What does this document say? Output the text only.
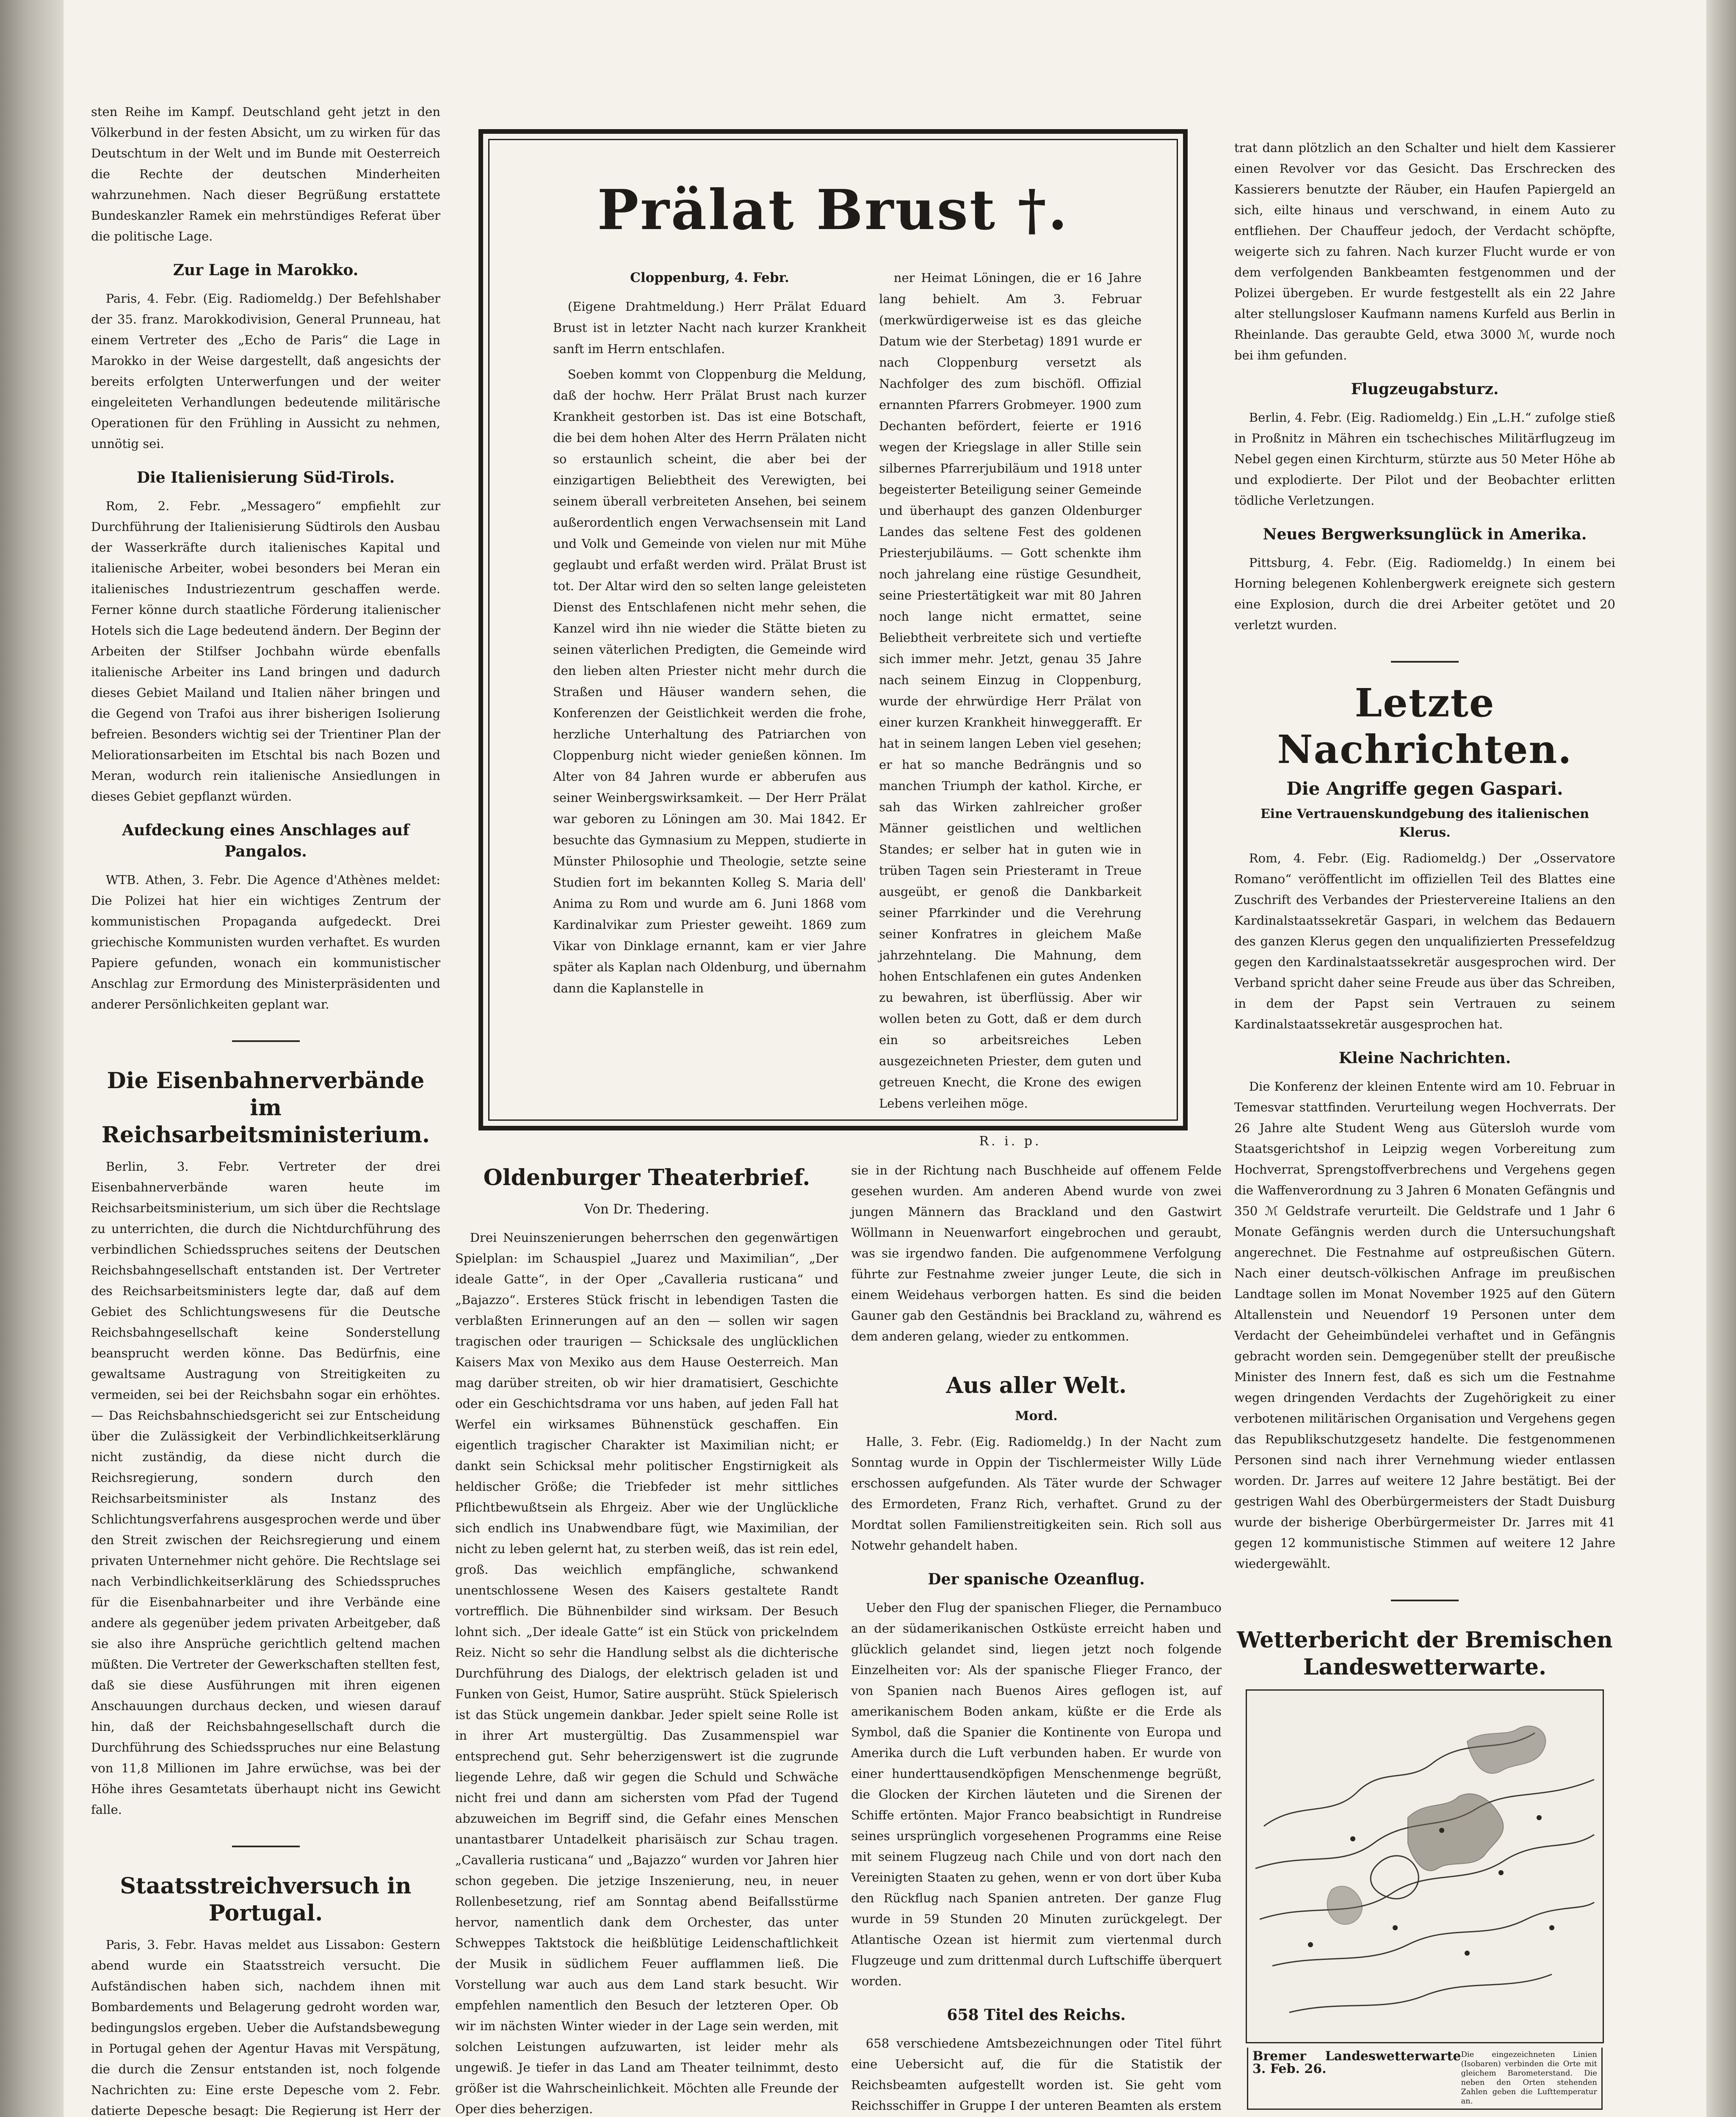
sten Reihe im Kampf. Deutschland geht jetzt in den Völkerbund in der festen Absicht, um zu wirken für das Deutschtum in der Welt und im Bunde mit Oesterreich die Rechte der deutschen Minderheiten wahrzunehmen. Nach dieser Begrüßung erstattete Bundeskanzler Ramek ein mehrstündiges Referat über die politische Lage.

Zur Lage in Marokko.

Paris, 4. Febr. (Eig. Radiomeldg.) Der Befehlshaber der 35. franz. Marokkodivision, General Prunneau, hat einem Vertreter des „Echo de Paris“ die Lage in Marokko in der Weise dargestellt, daß angesichts der bereits erfolgten Unterwerfungen und der weiter eingeleiteten Verhandlungen bedeutende militärische Operationen für den Frühling in Aussicht zu nehmen, unnötig sei.

Die Italienisierung Süd-Tirols.

Rom, 2. Febr. „Messagero“ empfiehlt zur Durchführung der Italienisierung Südtirols den Ausbau der Wasserkräfte durch italienisches Kapital und italienische Arbeiter, wobei besonders bei Meran ein italienisches Industriezentrum geschaffen werde. Ferner könne durch staatliche Förderung italienischer Hotels sich die Lage bedeutend ändern. Der Beginn der Arbeiten der Stilfser Jochbahn würde ebenfalls italienische Arbeiter ins Land bringen und dadurch dieses Gebiet Mailand und Italien näher bringen und die Gegend von Trafoi aus ihrer bisherigen Isolierung befreien. Besonders wichtig sei der Trientiner Plan der Meliorationsarbeiten im Etschtal bis nach Bozen und Meran, wodurch rein italienische Ansiedlungen in dieses Gebiet gepflanzt würden.

Aufdeckung eines Anschlages auf Pangalos.

WTB. Athen, 3. Febr. Die Agence d'Athènes meldet: Die Polizei hat hier ein wichtiges Zentrum der kommunistischen Propaganda aufgedeckt. Drei griechische Kommunisten wurden verhaftet. Es wurden Papiere gefunden, wonach ein kommunistischer Anschlag zur Ermordung des Ministerpräsidenten und anderer Persönlichkeiten geplant war.

Die Eisenbahnerverbände im Reichsarbeitsministerium.

Berlin, 3. Febr. Vertreter der drei Eisenbahnerverbände waren heute im Reichsarbeitsministerium, um sich über die Rechtslage zu unterrichten, die durch die Nichtdurchführung des verbindlichen Schiedsspruches seitens der Deutschen Reichsbahngesellschaft entstanden ist. Der Vertreter des Reichsarbeitsministers legte dar, daß auf dem Gebiet des Schlichtungswesens für die Deutsche Reichsbahngesellschaft keine Sonderstellung beansprucht werden könne. Das Bedürfnis, eine gewaltsame Austragung von Streitigkeiten zu vermeiden, sei bei der Reichsbahn sogar ein erhöhtes. — Das Reichsbahnschiedsgericht sei zur Entscheidung über die Zulässigkeit der Verbindlichkeitserklärung nicht zuständig, da diese nicht durch die Reichsregierung, sondern durch den Reichsarbeitsminister als Instanz des Schlichtungsverfahrens ausgesprochen werde und über den Streit zwischen der Reichsregierung und einem privaten Unternehmer nicht gehöre. Die Rechtslage sei nach Verbindlichkeitserklärung des Schiedsspruches für die Eisenbahnarbeiter und ihre Verbände eine andere als gegenüber jedem privaten Arbeitgeber, daß sie also ihre Ansprüche gerichtlich geltend machen müßten. Die Vertreter der Gewerkschaften stellten fest, daß sie diese Ausführungen mit ihren eigenen Anschauungen durchaus decken, und wiesen darauf hin, daß der Reichsbahngesellschaft durch die Durchführung des Schiedsspruches nur eine Belastung von 11,8 Millionen im Jahre erwüchse, was bei der Höhe ihres Gesamtetats überhaupt nicht ins Gewicht falle.

Staatsstreichversuch in Portugal.

Paris, 3. Febr. Havas meldet aus Lissabon: Gestern abend wurde ein Staatsstreich versucht. Die Aufständischen haben sich, nachdem ihnen mit Bombardements und Belagerung gedroht worden war, bedingungslos ergeben. Ueber die Aufstandsbewegung in Portugal gehen der Agentur Havas mit Verspätung, die durch die Zensur entstanden ist, noch folgende Nachrichten zu: Eine erste Depesche vom 2. Febr. datierte Depesche besagt: Die Regierung ist Herr der

Prälat Brust †.
Cloppenburg, 4. Febr.

(Eigene Drahtmeldung.) Herr Prälat Eduard Brust ist in letzter Nacht nach kurzer Krankheit sanft im Herrn entschlafen.

Soeben kommt von Cloppenburg die Meldung, daß der hochw. Herr Prälat Brust nach kurzer Krankheit gestorben ist. Das ist eine Botschaft, die bei dem hohen Alter des Herrn Prälaten nicht so erstaunlich scheint, die aber bei der einzigartigen Beliebtheit des Verewigten, bei seinem überall verbreiteten Ansehen, bei seinem außerordentlich engen Verwachsensein mit Land und Volk und Gemeinde von vielen nur mit Mühe geglaubt und erfaßt werden wird. Prälat Brust ist tot. Der Altar wird den so selten lange geleisteten Dienst des Entschlafenen nicht mehr sehen, die Kanzel wird ihn nie wieder die Stätte bieten zu seinen väterlichen Predigten, die Gemeinde wird den lieben alten Priester nicht mehr durch die Straßen und Häuser wandern sehen, die Konferenzen der Geistlichkeit werden die frohe, herzliche Unterhaltung des Patriarchen von Cloppenburg nicht wieder genießen können. Im Alter von 84 Jahren wurde er abberufen aus seiner Weinbergswirksamkeit. — Der Herr Prälat war geboren zu Löningen am 30. Mai 1842. Er besuchte das Gymnasium zu Meppen, studierte in Münster Philosophie und Theologie, setzte seine Studien fort im bekannten Kolleg S. Maria dell' Anima zu Rom und wurde am 6. Juni 1868 vom Kardinalvikar zum Priester geweiht. 1869 zum Vikar von Dinklage ernannt, kam er vier Jahre später als Kaplan nach Oldenburg, und übernahm dann die Kaplanstelle in

ner Heimat Löningen, die er 16 Jahre lang behielt. Am 3. Februar (merkwürdigerweise ist es das gleiche Datum wie der Sterbetag) 1891 wurde er nach Cloppenburg versetzt als Nachfolger des zum bischöfl. Offizial ernannten Pfarrers Grobmeyer. 1900 zum Dechanten befördert, feierte er 1916 wegen der Kriegslage in aller Stille sein silbernes Pfarrerjubiläum und 1918 unter begeisterter Beteiligung seiner Gemeinde und überhaupt des ganzen Oldenburger Landes das seltene Fest des goldenen Priesterjubiläums. — Gott schenkte ihm noch jahrelang eine rüstige Gesundheit, seine Priestertätigkeit war mit 80 Jahren noch lange nicht ermattet, seine Beliebtheit verbreitete sich und vertiefte sich immer mehr. Jetzt, genau 35 Jahre nach seinem Einzug in Cloppenburg, wurde der ehrwürdige Herr Prälat von einer kurzen Krankheit hinweggerafft. Er hat in seinem langen Leben viel gesehen; er hat so manche Bedrängnis und so manchen Triumph der kathol. Kirche, er sah das Wirken zahlreicher großer Männer geistlichen und weltlichen Standes; er selber hat in guten wie in trüben Tagen sein Priesteramt in Treue ausgeübt, er genoß die Dankbarkeit seiner Pfarrkinder und die Verehrung seiner Konfratres in gleichem Maße jahrzehntelang. Die Mahnung, dem hohen Entschlafenen ein gutes Andenken zu bewahren, ist überflüssig. Aber wir wollen beten zu Gott, daß er dem durch ein so arbeitsreiches Leben ausgezeichneten Priester, dem guten und getreuen Knecht, die Krone des ewigen Lebens verleihen möge.

R. i. p.
Oldenburger Theaterbrief.
Von Dr. Thedering.

Drei Neuinszenierungen beherrschen den gegenwärtigen Spielplan: im Schauspiel „Juarez und Maximilian“, „Der ideale Gatte“, in der Oper „Cavalleria rusticana“ und „Bajazzo“. Ersteres Stück frischt in lebendigen Tasten die verblaßten Erinnerungen auf an den — sollen wir sagen tragischen oder traurigen — Schicksale des unglücklichen Kaisers Max von Mexiko aus dem Hause Oesterreich. Man mag darüber streiten, ob wir hier dramatisiert, Geschichte oder ein Geschichtsdrama vor uns haben, auf jeden Fall hat Werfel ein wirksames Bühnenstück geschaffen. Ein eigentlich tragischer Charakter ist Maximilian nicht; er dankt sein Schicksal mehr politischer Engstirnigkeit als heldischer Größe; die Triebfeder ist mehr sittliches Pflichtbewußtsein als Ehrgeiz. Aber wie der Unglückliche sich endlich ins Unabwendbare fügt, wie Maximilian, der nicht zu leben gelernt hat, zu sterben weiß, das ist rein edel, groß. Das weichlich empfängliche, schwankend unentschlossene Wesen des Kaisers gestaltete Randt vortrefflich. Die Bühnenbilder sind wirksam. Der Besuch lohnt sich. „Der ideale Gatte“ ist ein Stück von prickelndem Reiz. Nicht so sehr die Handlung selbst als die dichterische Durchführung des Dialogs, der elektrisch geladen ist und Funken von Geist, Humor, Satire ausprüht. Stück Spielerisch ist das Stück ungemein dankbar. Jeder spielt seine Rolle ist in ihrer Art mustergültig. Das Zusammenspiel war entsprechend gut. Sehr beherzigenswert ist die zugrunde liegende Lehre, daß wir gegen die Schuld und Schwäche nicht frei und dann am sichersten vom Pfad der Tugend abzuweichen im Begriff sind, die Gefahr eines Menschen unantastbarer Untadelkeit pharisäisch zur Schau tragen. „Cavalleria rusticana“ und „Bajazzo“ wurden vor Jahren hier schon gegeben. Die jetzige Inszenierung, neu, in neuer Rollenbesetzung, rief am Sonntag abend Beifallsstürme hervor, namentlich dank dem Orchester, das unter Schweppes Taktstock die heißblütige Leidenschaftlichkeit der Musik in südlichem Feuer aufflammen ließ. Die Vorstellung war auch aus dem Land stark besucht. Wir empfehlen namentlich den Besuch der letzteren Oper. Ob wir im nächsten Winter wieder in der Lage sein werden, mit solchen Leistungen aufzuwarten, ist leider mehr als ungewiß. Je tiefer in das Land am Theater teilnimmt, desto größer ist die Wahrscheinlichkeit. Möchten alle Freunde der Oper dies beherzigen.

sie in der Richtung nach Buschheide auf offenem Felde gesehen wurden. Am anderen Abend wurde von zwei jungen Männern das Brackland und den Gastwirt Wöllmann in Neuenwarfort eingebrochen und geraubt, was sie irgendwo fanden. Die aufgenommene Verfolgung führte zur Festnahme zweier junger Leute, die sich in einem Weidehaus verborgen hatten. Es sind die beiden Gauner gab den Geständnis bei Brackland zu, während es dem anderen gelang, wieder zu entkommen.

Aus aller Welt.
Mord.

Halle, 3. Febr. (Eig. Radiomeldg.) In der Nacht zum Sonntag wurde in Oppin der Tischlermeister Willy Lüde erschossen aufgefunden. Als Täter wurde der Schwager des Ermordeten, Franz Rich, verhaftet. Grund zu der Mordtat sollen Familienstreitigkeiten sein. Rich soll aus Notwehr gehandelt haben.

Der spanische Ozeanflug.

Ueber den Flug der spanischen Flieger, die Pernambuco an der südamerikanischen Ostküste erreicht haben und glücklich gelandet sind, liegen jetzt noch folgende Einzelheiten vor: Als der spanische Flieger Franco, der von Spanien nach Buenos Aires geflogen ist, auf amerikanischem Boden ankam, küßte er die Erde als Symbol, daß die Spanier die Kontinente von Europa und Amerika durch die Luft verbunden haben. Er wurde von einer hunderttausendköpfigen Menschenmenge begrüßt, die Glocken der Kirchen läuteten und die Sirenen der Schiffe ertönten. Major Franco beabsichtigt in Rundreise seines ursprünglich vorgesehenen Programms eine Reise mit seinem Flugzeug nach Chile und von dort nach den Vereinigten Staaten zu gehen, wenn er von dort über Kuba den Rückflug nach Spanien antreten. Der ganze Flug wurde in 59 Stunden 20 Minuten zurückgelegt. Der Atlantische Ozean ist hiermit zum viertenmal durch Flugzeuge und zum drittenmal durch Luftschiffe überquert worden.

658 Titel des Reichs.

658 verschiedene Amtsbezeichnungen oder Titel führt eine Uebersicht auf, die für die Statistik der Reichsbeamten aufgestellt worden ist. Sie geht vom Reichsschiffer in Gruppe I der unteren Beamten als erstem

trat dann plötzlich an den Schalter und hielt dem Kassierer einen Revolver vor das Gesicht. Das Erschrecken des Kassierers benutzte der Räuber, ein Haufen Papiergeld an sich, eilte hinaus und verschwand, in einem Auto zu entfliehen. Der Chauffeur jedoch, der Verdacht schöpfte, weigerte sich zu fahren. Nach kurzer Flucht wurde er von dem verfolgenden Bankbeamten festgenommen und der Polizei übergeben. Er wurde festgestellt als ein 22 Jahre alter stellungsloser Kaufmann namens Kurfeld aus Berlin in Rheinlande. Das geraubte Geld, etwa 3000 ℳ, wurde noch bei ihm gefunden.

Flugzeugabsturz.

Berlin, 4. Febr. (Eig. Radiomeldg.) Ein „L.H.“ zufolge stieß in Proßnitz in Mähren ein tschechisches Militärflugzeug im Nebel gegen einen Kirchturm, stürzte aus 50 Meter Höhe ab und explodierte. Der Pilot und der Beobachter erlitten tödliche Verletzungen.

Neues Bergwerksunglück in Amerika.

Pittsburg, 4. Febr. (Eig. Radiomeldg.) In einem bei Horning belegenen Kohlenbergwerk ereignete sich gestern eine Explosion, durch die drei Arbeiter getötet und 20 verletzt wurden.

Letzte Nachrichten.
Die Angriffe gegen Gaspari.
Eine Vertrauenskundgebung des italienischen Klerus.

Rom, 4. Febr. (Eig. Radiomeldg.) Der „Osservatore Romano“ veröffentlicht im offiziellen Teil des Blattes eine Zuschrift des Verbandes der Priestervereine Italiens an den Kardinalstaatssekretär Gaspari, in welchem das Bedauern des ganzen Klerus gegen den unqualifizierten Pressefeldzug gegen den Kardinalstaatssekretär ausgesprochen wird. Der Verband spricht daher seine Freude aus über das Schreiben, in dem der Papst sein Vertrauen zu seinem Kardinalstaatssekretär ausgesprochen hat.

Kleine Nachrichten.

Die Konferenz der kleinen Entente wird am 10. Februar in Temesvar stattfinden. Verurteilung wegen Hochverrats. Der 26 Jahre alte Student Weng aus Gütersloh wurde vom Staatsgerichtshof in Leipzig wegen Vorbereitung zum Hochverrat, Sprengstoffverbrechens und Vergehens gegen die Waffenverordnung zu 3 Jahren 6 Monaten Gefängnis und 350 ℳ Geldstrafe verurteilt. Die Geldstrafe und 1 Jahr 6 Monate Gefängnis werden durch die Untersuchungshaft angerechnet. Die Festnahme auf ostpreußischen Gütern. Nach einer deutsch-völkischen Anfrage im preußischen Landtage sollen im Monat November 1925 auf den Gütern Altallenstein und Neuendorf 19 Personen unter dem Verdacht der Geheimbündelei verhaftet und in Gefängnis gebracht worden sein. Demgegenüber stellt der preußische Minister des Innern fest, daß es sich um die Festnahme wegen dringenden Verdachts der Zugehörigkeit zu einer verbotenen militärischen Organisation und Vergehens gegen das Republikschutzgesetz handelte. Die festgenommenen Personen sind nach ihrer Vernehmung wieder entlassen worden. Dr. Jarres auf weitere 12 Jahre bestätigt. Bei der gestrigen Wahl des Oberbürgermeisters der Stadt Duisburg wurde der bisherige Oberbürgermeister Dr. Jarres mit 41 gegen 12 kommunistische Stimmen auf weitere 12 Jahre wiedergewählt.

Wetterbericht der Bremischen Landeswetterwarte.
Bremer Landeswetterwarte 3. Feb. 26.
Die eingezeichneten Linien (Isobaren) verbinden die Orte mit gleichem Barometerstand. Die neben den Orten stehenden Zahlen geben die Lufttemperatur an.
